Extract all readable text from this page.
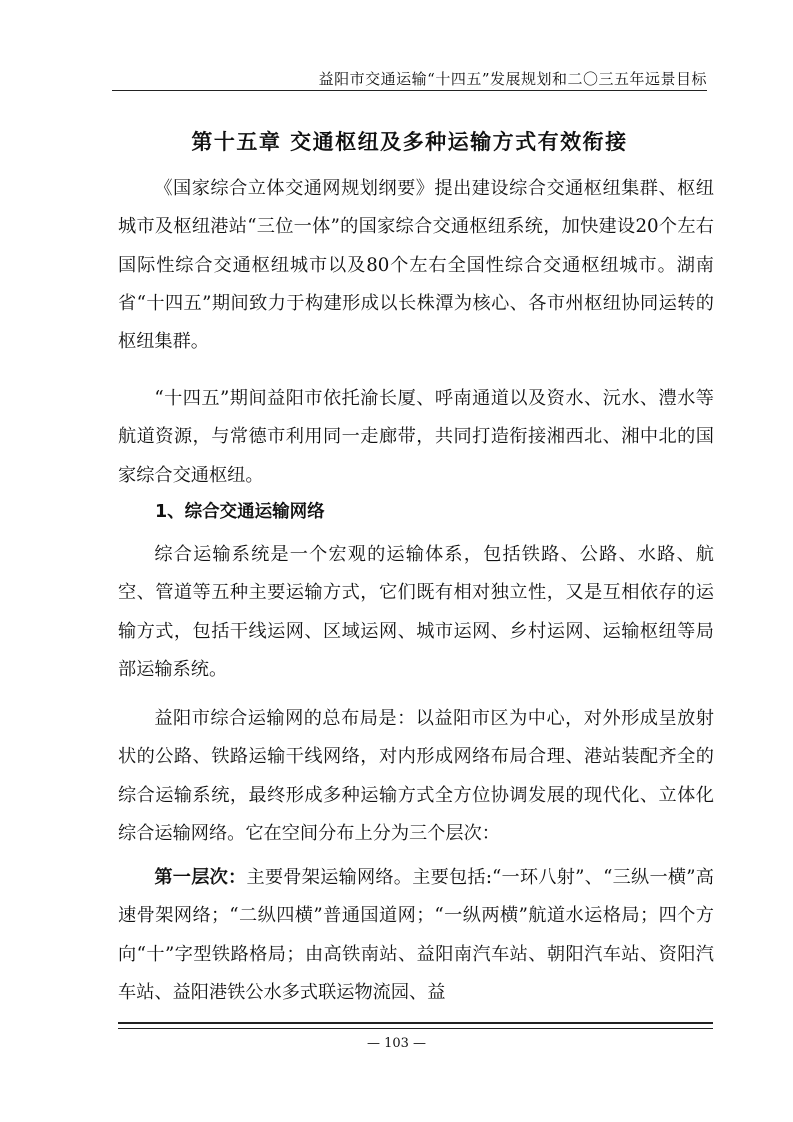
益阳市交通运输“十四五”发展规划和二〇三五年远景目标
第十五章 交通枢纽及多种运输方式有效衔接

《国家综合立体交通网规划纲要》提出建设综合交通枢纽集群、枢纽城市及枢纽港站“三位一体”的国家综合交通枢纽系统，加快建设20个左右国际性综合交通枢纽城市以及80个左右全国性综合交通枢纽城市。湖南省“十四五”期间致力于构建形成以长株潭为核心、各市州枢纽协同运转的枢纽集群。

“十四五”期间益阳市依托渝长厦、呼南通道以及资水、沅水、澧水等航道资源，与常德市利用同一走廊带，共同打造衔接湘西北、湘中北的国家综合交通枢纽。

1、综合交通运输网络

综合运输系统是一个宏观的运输体系，包括铁路、公路、水路、航空、管道等五种主要运输方式，它们既有相对独立性，又是互相依存的运输方式，包括干线运网、区域运网、城市运网、乡村运网、运输枢纽等局部运输系统。

益阳市综合运输网的总布局是：以益阳市区为中心，对外形成呈放射状的公路、铁路运输干线网络，对内形成网络布局合理、港站装配齐全的综合运输系统，最终形成多种运输方式全方位协调发展的现代化、立体化综合运输网络。它在空间分布上分为三个层次：

第一层次：主要骨架运输网络。主要包括:“一环八射”、“三纵一横”高速骨架网络；“二纵四横”普通国道网；“一纵两横”航道水运格局；四个方向“十”字型铁路格局；由高铁南站、益阳南汽车站、朝阳汽车站、资阳汽车站、益阳港铁公水多式联运物流园、益

— 103 —
